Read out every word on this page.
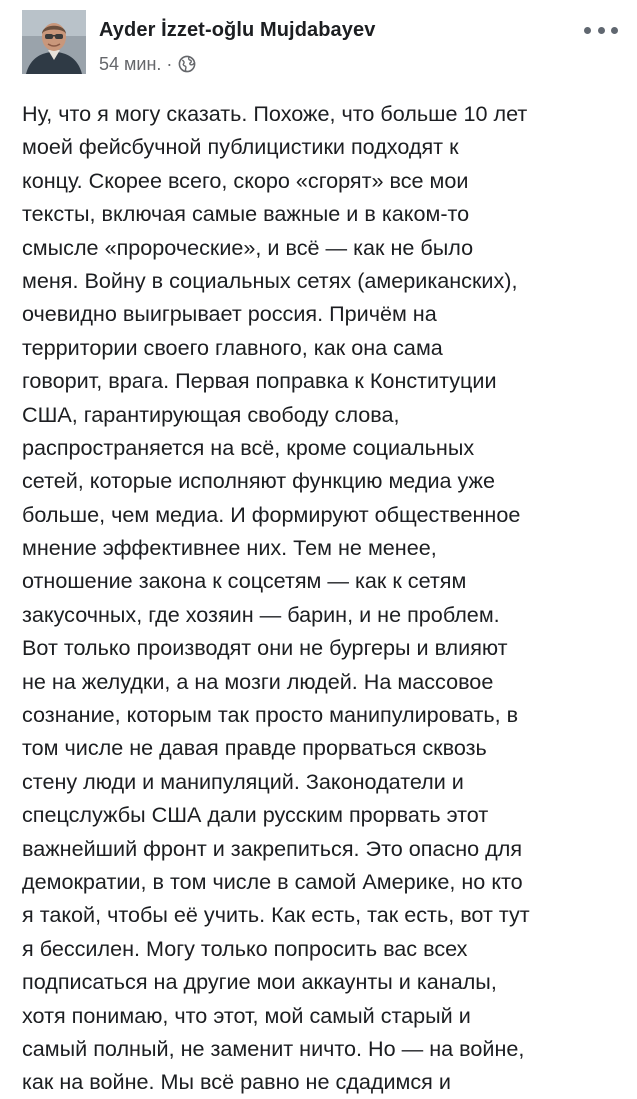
Ayder İzzet-oğlu Mujdabayev
54 мин. ·
Ну, что я могу сказать. Похоже, что больше 10 лет
моей фейсбучной публицистики подходят к
концу. Скорее всего, скоро «сгорят» все мои
тексты, включая самые важные и в каком-то
смысле «пророческие», и всё — как не было
меня. Войну в социальных сетях (американских),
очевидно выигрывает россия. Причём на
территории своего главного, как она сама
говорит, врага. Первая поправка к Конституции
США, гарантирующая свободу слова,
распространяется на всё, кроме социальных
сетей, которые исполняют функцию медиа уже
больше, чем медиа. И формируют общественное
мнение эффективнее них. Тем не менее,
отношение закона к соцсетям — как к сетям
закусочных, где хозяин — барин, и не проблем.
Вот только производят они не бургеры и влияют
не на желудки, а на мозги людей. На массовое
сознание, которым так просто манипулировать, в
том числе не давая правде прорваться сквозь
стену люди и манипуляций. Законодатели и
спецслужбы США дали русским прорвать этот
важнейший фронт и закрепиться. Это опасно для
демократии, в том числе в самой Америке, но кто
я такой, чтобы её учить. Как есть, так есть, вот тут
я бессилен. Могу только попросить вас всех
подписаться на другие мои аккаунты и каналы,
хотя понимаю, что этот, мой самый старый и
самый полный, не заменит ничто. Но — на войне,
как на войне. Мы всё равно не сдадимся и
